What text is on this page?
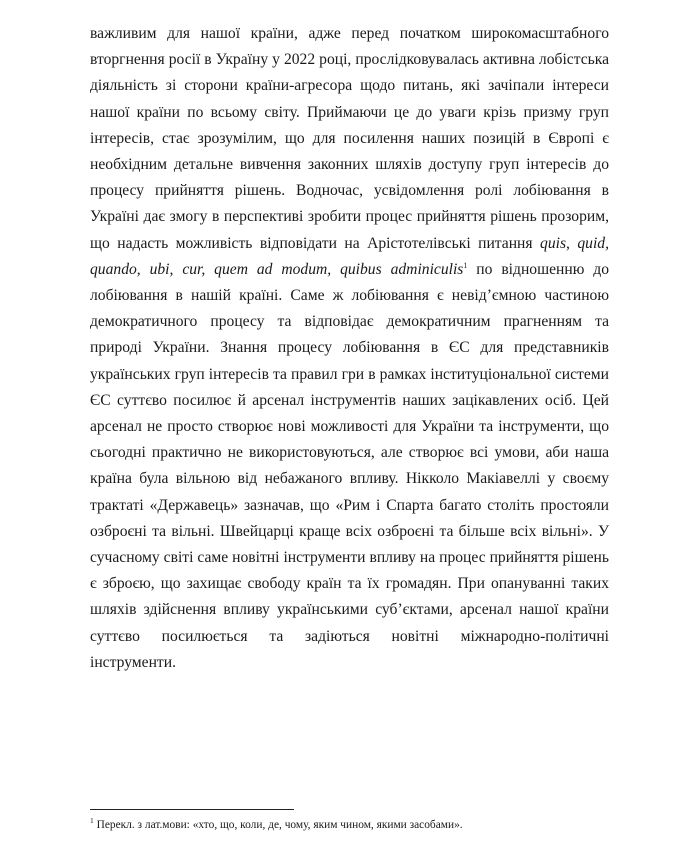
важливим для нашої країни, адже перед початком широкомасштабного вторгнення росії в Україну у 2022 році, прослідковувалась активна лобістська діяльність зі сторони країни-агресора щодо питань, які зачіпали інтереси нашої країни по всьому світу. Приймаючи це до уваги крізь призму груп інтересів, стає зрозумілим, що для посилення наших позицій в Європі є необхідним детальне вивчення законних шляхів доступу груп інтересів до процесу прийняття рішень. Водночас, усвідомлення ролі лобіювання в Україні дає змогу в перспективі зробити процес прийняття рішень прозорим, що надасть можливість відповідати на Арістотелівські питання quis, quid, quando, ubi, cur, quem ad modum, quibus adminiculis$^1$ по відношенню до лобіювання в нашій країні. Саме ж лобіювання є невід’ємною частиною демократичного процесу та відповідає демократичним прагненням та природі України. Знання процесу лобіювання в ЄС для представників українських груп інтересів та правил гри в рамках інституціональної системи ЄС суттєво посилює й арсенал інструментів наших зацікавлених осіб. Цей арсенал не просто створює нові можливості для України та інструменти, що сьогодні практично не використовуються, але створює всі умови, аби наша країна була вільною від небажаного впливу. Нікколо Макіавеллі у своєму трактаті «Державець» зазначав, що «Рим і Спарта багато століть простояли озброєні та вільні. Швейцарці краще всіх озброєні та більше всіх вільні». У сучасному світі саме новітні інструменти впливу на процес прийняття рішень є зброєю, що захищає свободу країн та їх громадян. При опануванні таких шляхів здійснення впливу українськими суб’єктами, арсенал нашої країни суттєво посилюється та задіються новітні міжнародно-політичні інструменти.

$^1$ Перекл. з лат.мови: «хто, що, коли, де, чому, яким чином, якими засобами».
